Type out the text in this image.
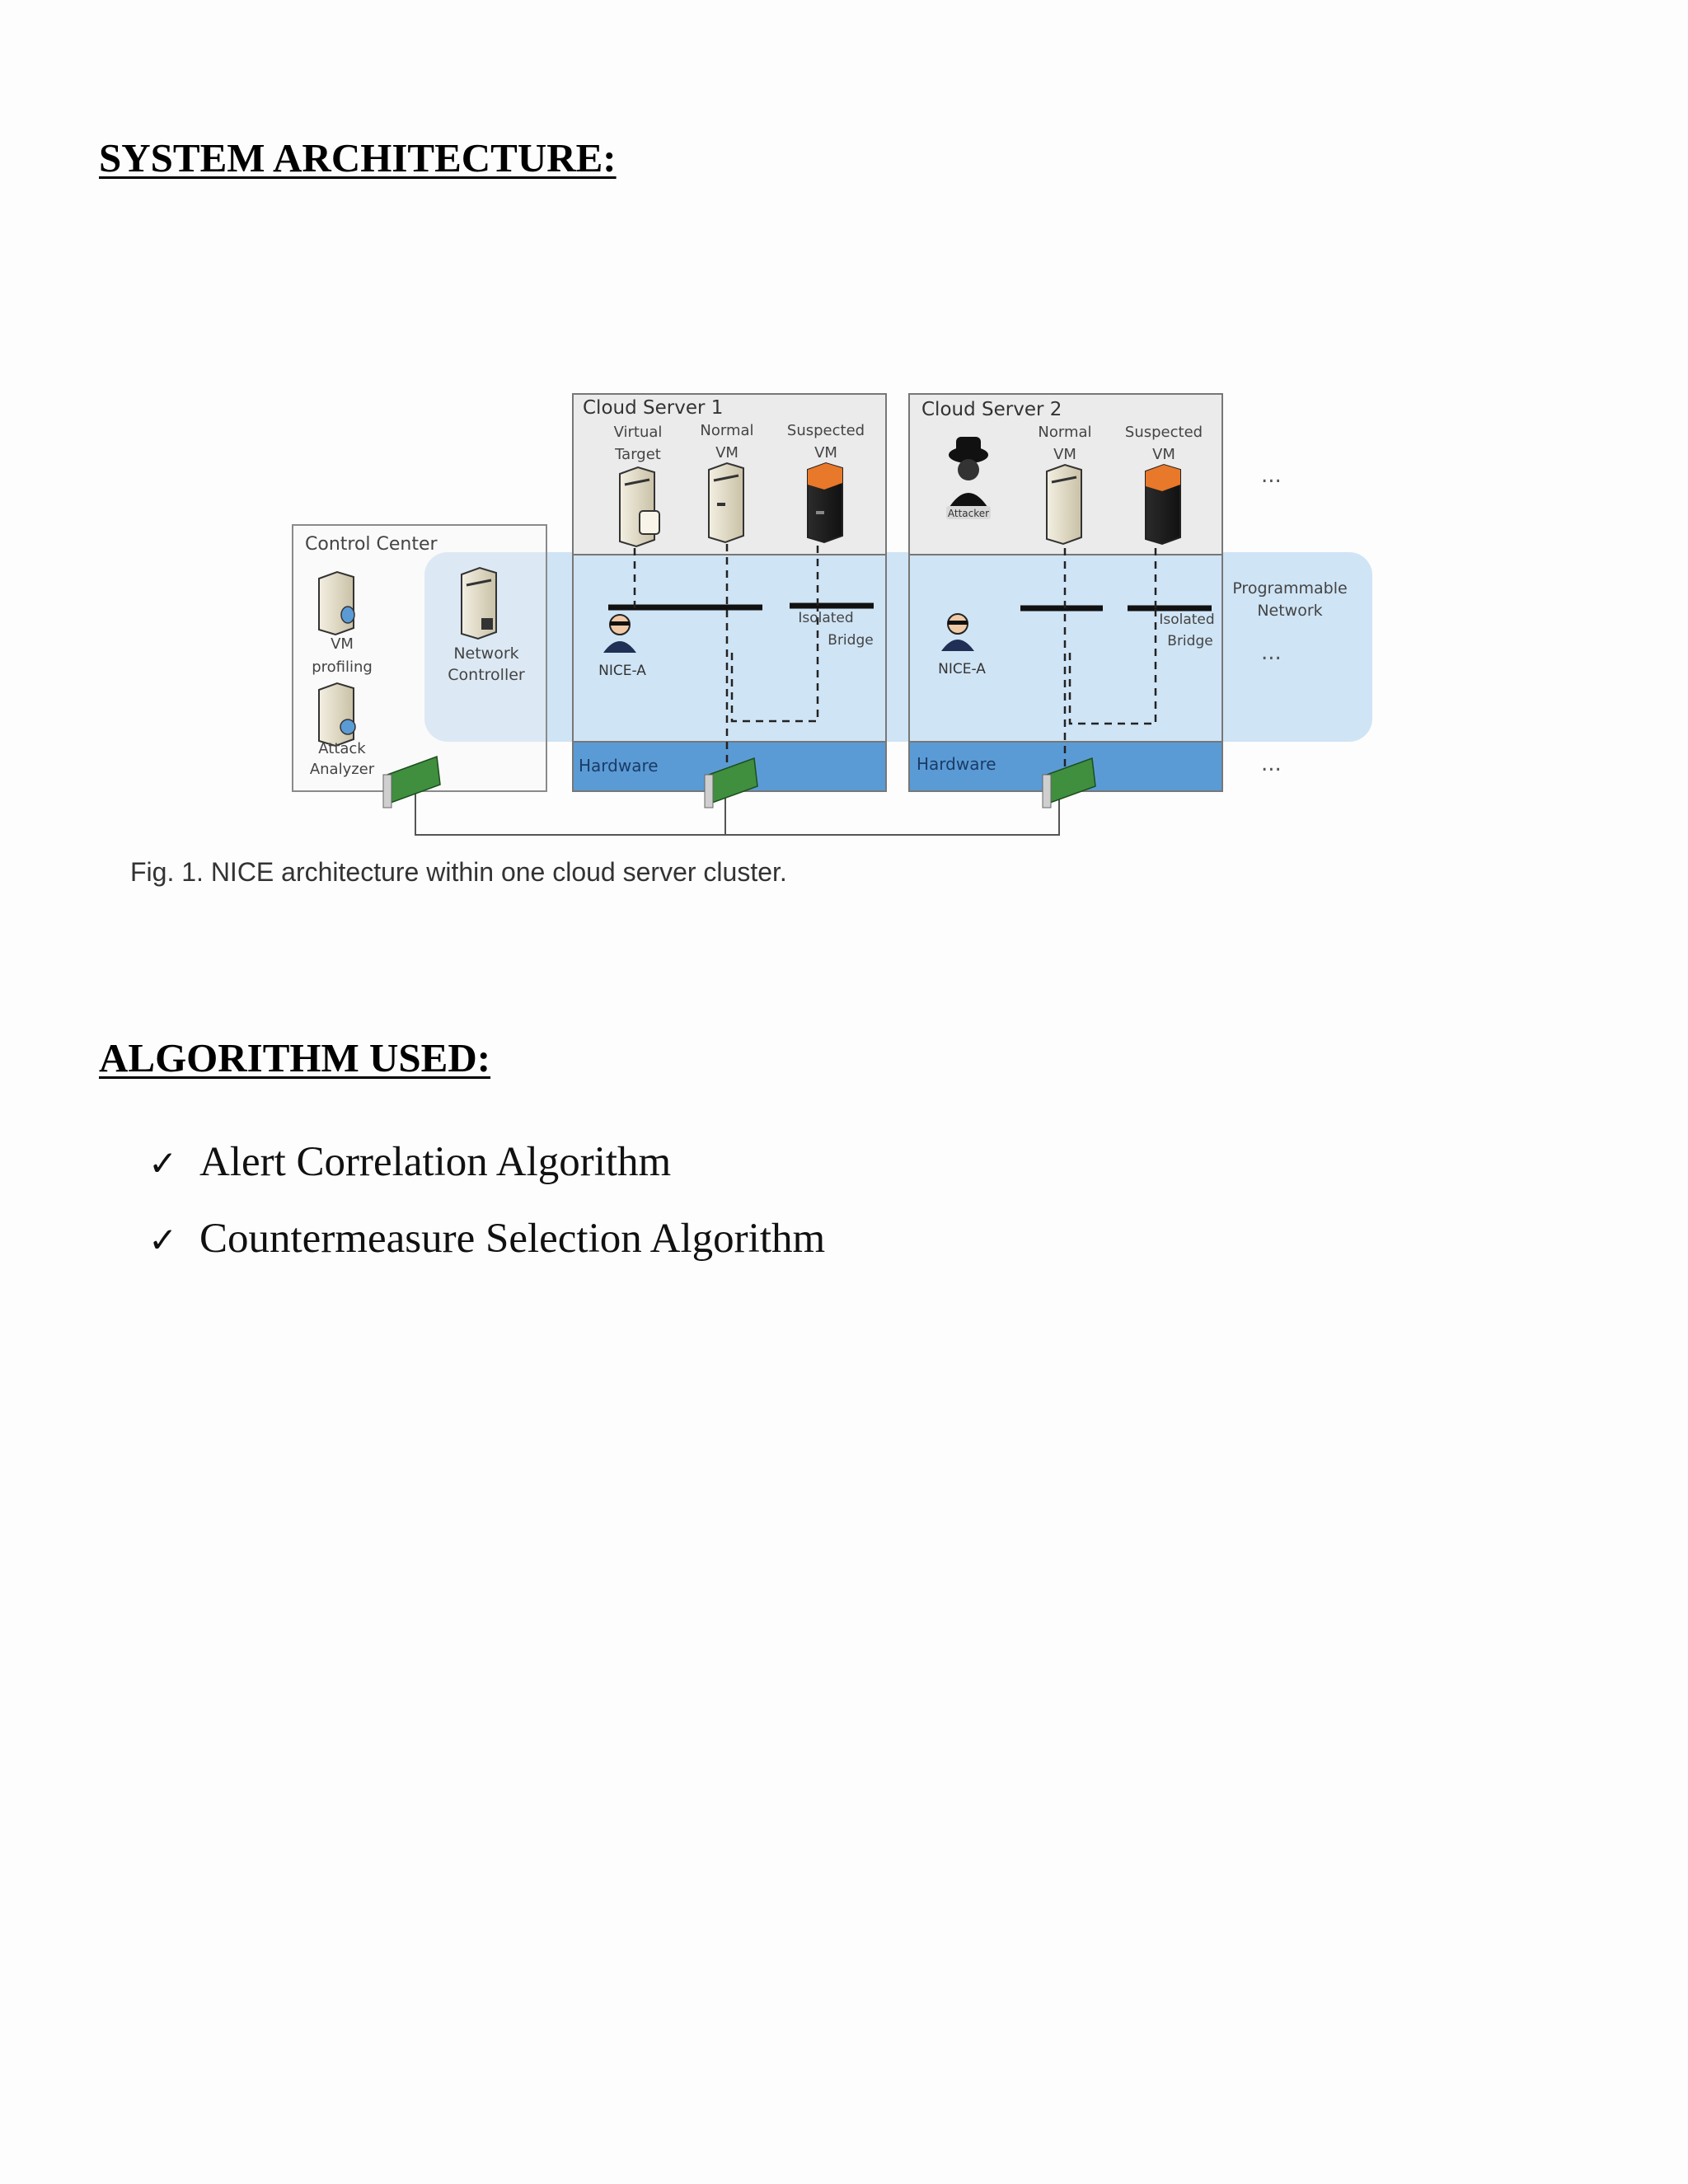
SYSTEM ARCHITECTURE:
Control Center
Cloud Server 1
Hardware
Cloud Server 2
Hardware
Virtual
Target
Normal
VM
Suspected
VM
Normal
VM
Suspected
VM
Attacker
...
...
...
Programmable
Network
VM
profiling
Attack
Analyzer
Network
Controller
Isolated
Bridge
Isolated
Bridge
NICE-A	NICE-A
Fig. 1. NICE architecture within one cloud server cluster.
ALGORITHM USED:
✓ Alert Correlation Algorithm
✓ Countermeasure Selection Algorithm
